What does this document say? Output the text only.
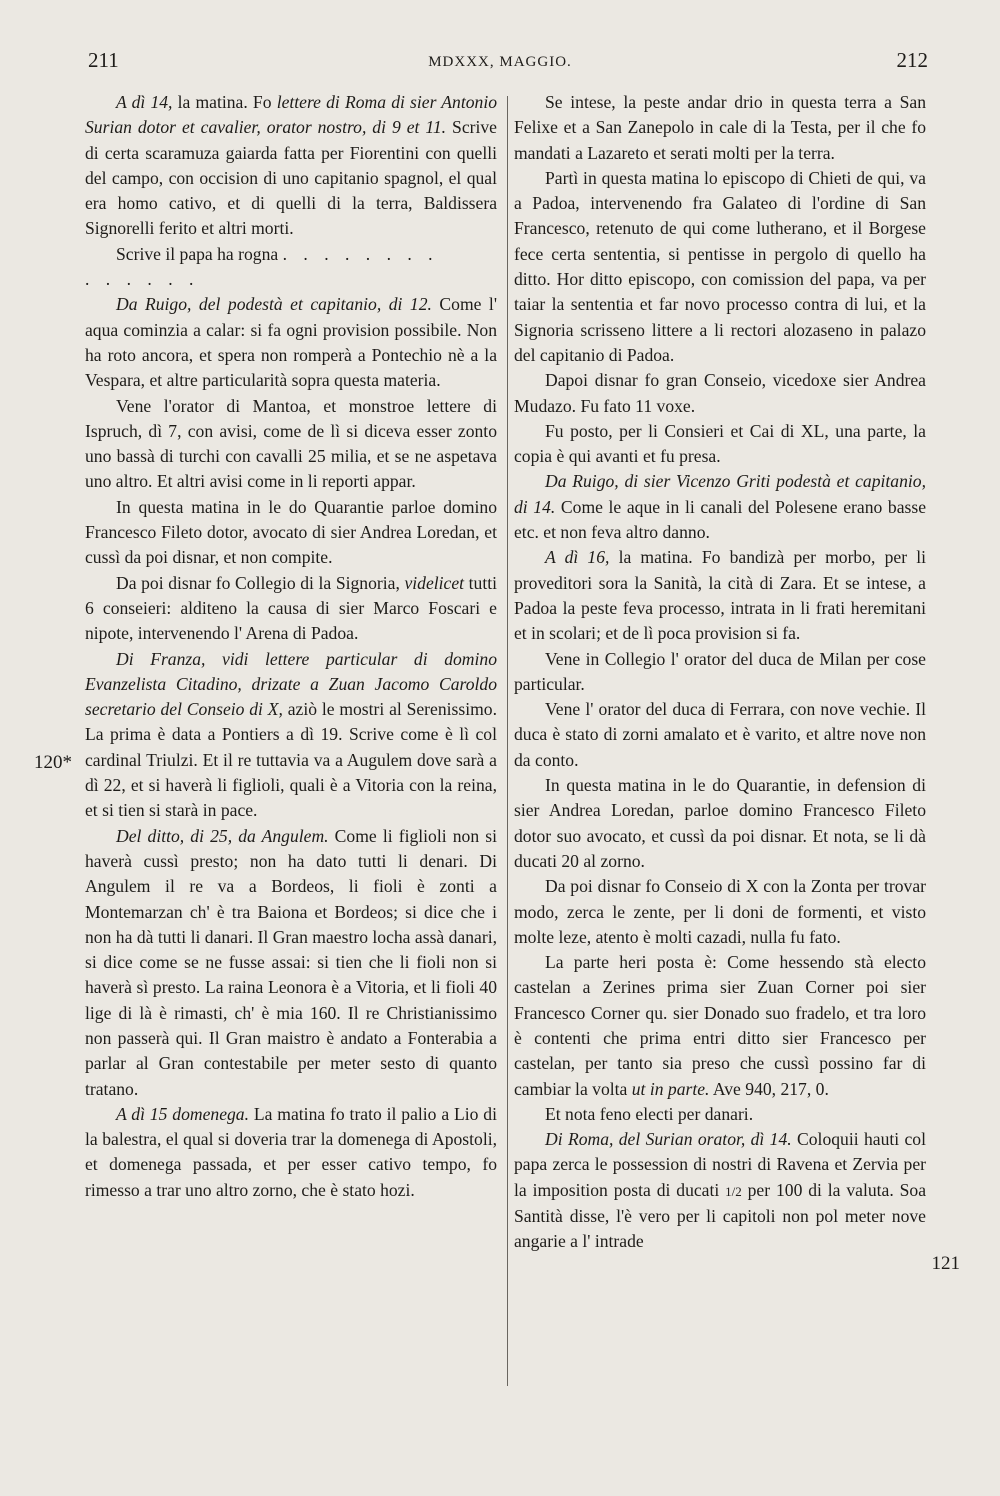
211	MDXXX, MAGGIO.	212
120*
121

A dì 14, la matina. Fo lettere di Roma di sier Antonio Surian dotor et cavalier, orator nostro, di 9 et 11. Scrive di certa scaramuza gaiarda fatta per Fiorentini con quelli del campo, con occision di uno capitanio spagnol, el qual era homo cativo, et di quelli di la terra, Baldissera Signorelli ferito et altri morti.

Scrive il papa ha rogna . . . . . . . .

. . . . . .

Da Ruigo, del podestà et capitanio, di 12. Come l' aqua cominzia a calar: si fa ogni provision possibile. Non ha roto ancora, et spera non romperà a Pontechio nè a la Vespara, et altre particularità sopra questa materia.

Vene l'orator di Mantoa, et monstroe lettere di Ispruch, dì 7, con avisi, come de lì si diceva esser zonto uno bassà di turchi con cavalli 25 milia, et se ne aspetava uno altro. Et altri avisi come in li reporti appar.

In questa matina in le do Quarantie parloe domino Francesco Fileto dotor, avocato di sier Andrea Loredan, et cussì da poi disnar, et non compite.

Da poi disnar fo Collegio di la Signoria, videlicet tutti 6 conseieri: alditeno la causa di sier Marco Foscari e nipote, intervenendo l' Arena di Padoa.

Di Franza, vidi lettere particular di domino Evanzelista Citadino, drizate a Zuan Jacomo Caroldo secretario del Conseio di X, aziò le mostri al Serenissimo. La prima è data a Pontiers a dì 19. Scrive come è lì col cardinal Triulzi. Et il re tuttavia va a Augulem dove sarà a dì 22, et si haverà li figlioli, quali è a Vitoria con la reina, et si tien si starà in pace.

Del ditto, di 25, da Angulem. Come li figlioli non si haverà cussì presto; non ha dato tutti li denari. Di Angulem il re va a Bordeos, li fioli è zonti a Montemarzan ch' è tra Baiona et Bordeos; si dice che i non ha dà tutti li danari. Il Gran maestro locha assà danari, si dice come se ne fusse assai: si tien che li fioli non si haverà sì presto. La raina Leonora è a Vitoria, et li fioli 40 lige di là è rimasti, ch' è mia 160. Il re Christianissimo non passerà qui. Il Gran maistro è andato a Fonterabia a parlar al Gran contestabile per meter sesto di quanto tratano.

A dì 15 domenega. La matina fo trato il palio a Lio di la balestra, el qual si doveria trar la domenega di Apostoli, et domenega passada, et per esser cativo tempo, fo rimesso a trar uno altro zorno, che è stato hozi.

Se intese, la peste andar drio in questa terra a San Felixe et a San Zanepolo in cale di la Testa, per il che fo mandati a Lazareto et serati molti per la terra.

Partì in questa matina lo episcopo di Chieti de qui, va a Padoa, intervenendo fra Galateo di l'ordine di San Francesco, retenuto de qui come lutherano, et il Borgese fece certa sententia, si pentisse in pergolo di quello ha ditto. Hor ditto episcopo, con comission del papa, va per taiar la sententia et far novo processo contra di lui, et la Signoria scrisseno littere a li rectori alozaseno in palazo del capitanio di Padoa.

Dapoi disnar fo gran Conseio, vicedoxe sier Andrea Mudazo. Fu fato 11 voxe.

Fu posto, per li Consieri et Cai di XL, una parte, la copia è qui avanti et fu presa.

Da Ruigo, di sier Vicenzo Griti podestà et capitanio, di 14. Come le aque in li canali del Polesene erano basse etc. et non feva altro danno.

A dì 16, la matina. Fo bandizà per morbo, per li proveditori sora la Sanità, la cità di Zara. Et se intese, a Padoa la peste feva processo, intrata in li frati heremitani et in scolari; et de lì poca provision si fa.

Vene in Collegio l' orator del duca de Milan per cose particular.

Vene l' orator del duca di Ferrara, con nove vechie. Il duca è stato di zorni amalato et è varito, et altre nove non da conto.

In questa matina in le do Quarantie, in defension di sier Andrea Loredan, parloe domino Francesco Fileto dotor suo avocato, et cussì da poi disnar. Et nota, se li dà ducati 20 al zorno.

Da poi disnar fo Conseio di X con la Zonta per trovar modo, zerca le zente, per li doni de formenti, et visto molte leze, atento è molti cazadi, nulla fu fato.

La parte heri posta è: Come hessendo stà electo castelan a Zerines prima sier Zuan Corner poi sier Francesco Corner qu. sier Donado suo fradelo, et tra loro è contenti che prima entri ditto sier Francesco per castelan, per tanto sia preso che cussì possino far di cambiar la volta ut in parte. Ave 940, 217, 0.

Et nota feno electi per danari.

Di Roma, del Surian orator, dì 14. Coloquii hauti col papa zerca le possession di nostri di Ravena et Zervia per la imposition posta di ducati 1/2 per 100 di la valuta. Soa Santità disse, l'è vero per li capitoli non pol meter nove angarie a l' intrade
